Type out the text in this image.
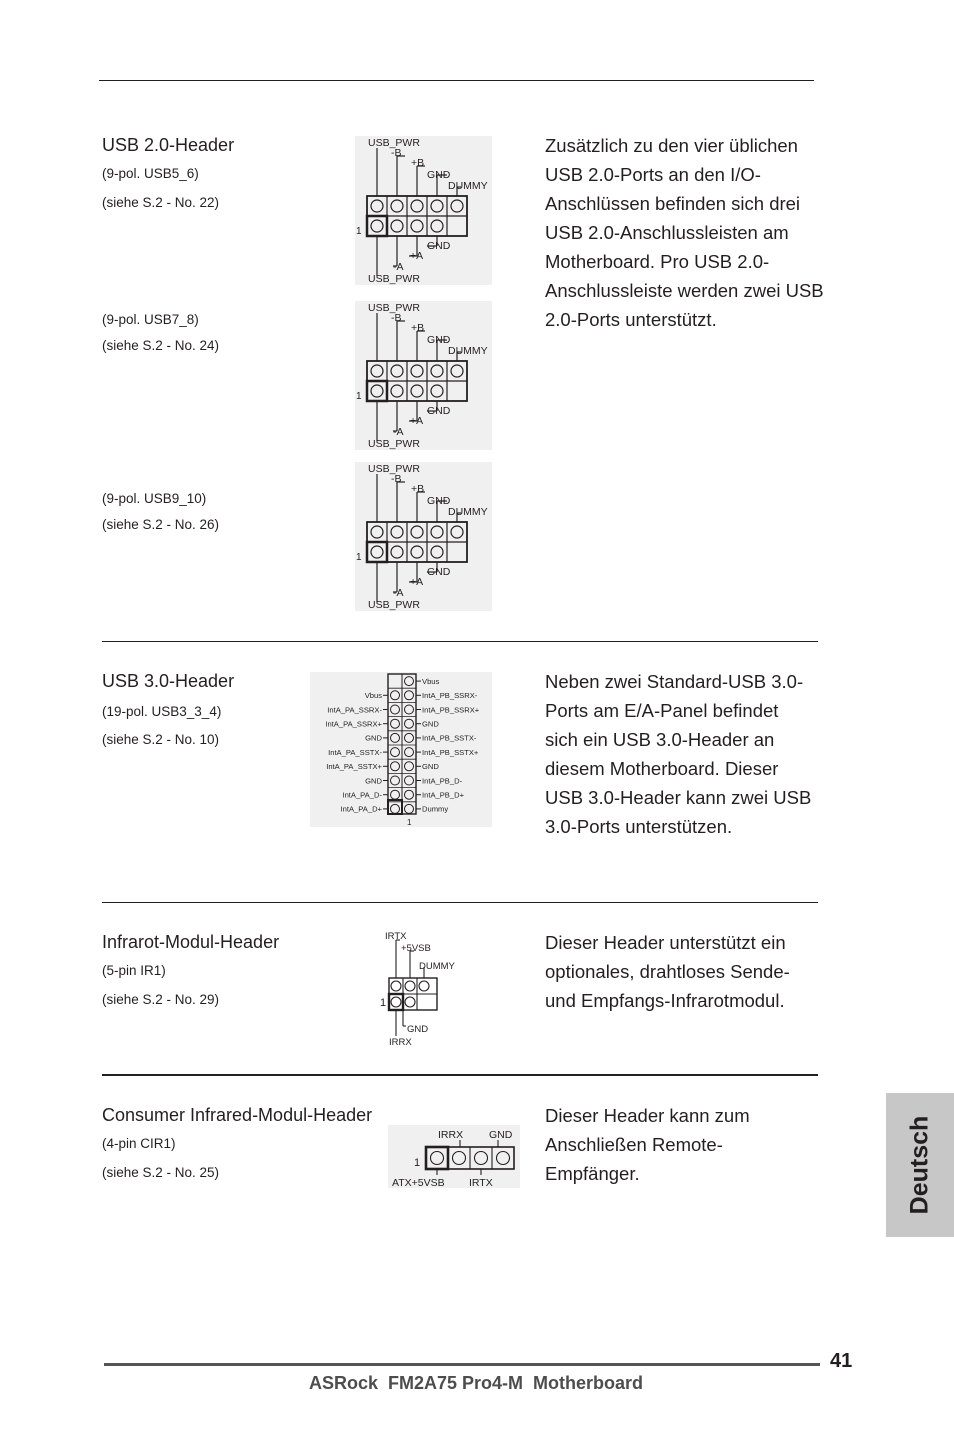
USB 2.0-Header
(9-pol. USB5_6)
(siehe S.2 - No. 22)
(9-pol. USB7_8)
(siehe S.2 - No. 24)
(9-pol. USB9_10)
(siehe S.2 - No. 26)
Zusätzlich zu den vier üblichen USB 2.0-Ports an den I/O-Anschlüssen befinden sich drei USB 2.0-Anschlussleisten am Motherboard. Pro USB 2.0-Anschlussleiste werden zwei USB 2.0-Ports unterstützt.
USB_PWR
-B
+B
GND
DUMMY
1
GND
+A
-A
USB_PWR
USB_PWR
-B
+B
GND
DUMMY
1
GND
+A
-A
USB_PWR
USB_PWR
-B
+B
GND
DUMMY
1
GND
+A
-A
USB_PWR
USB 3.0-Header
(19-pol. USB3_3_4)
(siehe S.2 - No. 10)
Neben zwei Standard-USB 3.0-Ports am E/A-Panel befindet sich ein USB 3.0-Header an diesem Motherboard. Dieser USB 3.0-Header kann zwei USB 3.0-Ports unterstützen.
Vbus
IntA_PB_SSRX-
Vbus
IntA_PB_SSRX+
IntA_PA_SSRX-
GND
IntA_PA_SSRX+
IntA_PB_SSTX-
GND
IntA_PB_SSTX+
IntA_PA_SSTX-
GND
IntA_PA_SSTX+
IntA_PB_D-
GND
IntA_PB_D+
IntA_PA_D-
Dummy
IntA_PA_D+
1
Infrarot-Modul-Header
(5-pin IR1)
(siehe S.2 - No. 29)
Dieser Header unterstützt ein optionales, drahtloses Sende- und Empfangs-Infrarotmodul.
IRTX
+5VSB
DUMMY
1
GND
IRRX
Consumer Infrared-Modul-Header
(4-pin CIR1)
(siehe S.2 - No. 25)
Dieser Header kann zum Anschließen Remote-Empfänger.
IRRX GND
1
ATX+5VSB IRTX	Deutsch
41
ASRock  FM2A75 Pro4-M  Motherboard
